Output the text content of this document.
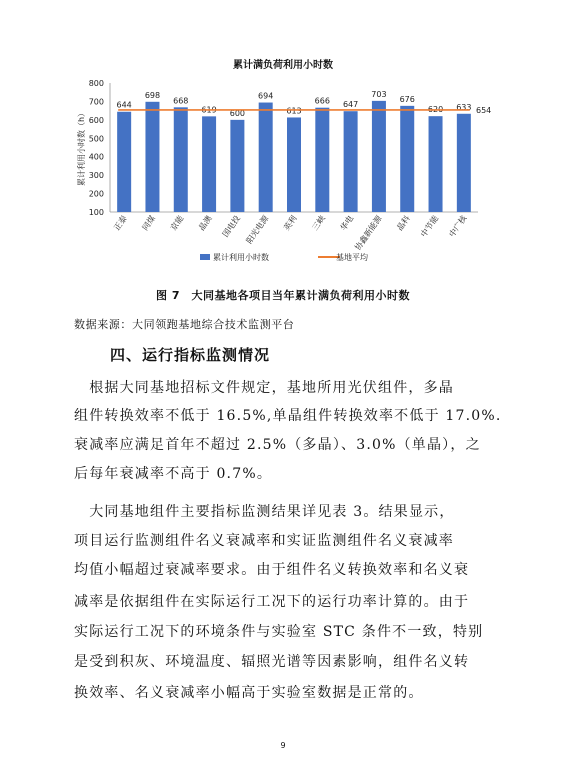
累计满负荷利用小时数
100
200
300
400
500
600
700
800
累计利用小时数（h）
644
正泰
698
同煤
668
京能
619
晶澳
600
国电投
694
阳光电源
613
英利
666
三峡
647
华电
703
协鑫新能源
676
晶科
620
中节能
633
中广核
654
累计利用小时数	基地平均
图 7　大同基地各项目当年累计满负荷利用小时数
数据来源：大同领跑基地综合技术监测平台
四、运行指标监测情况
　根据大同基地招标文件规定，基地所用光伏组件，多晶
组件转换效率不低于 16.5%,单晶组件转换效率不低于 17.0%.
衰减率应满足首年不超过 2.5%（多晶）、3.0%（单晶），之
后每年衰减率不高于 0.7%。
　大同基地组件主要指标监测结果详见表 3。结果显示，
项目运行监测组件名义衰减率和实证监测组件名义衰减率
均值小幅超过衰减率要求。由于组件名义转换效率和名义衰
减率是依据组件在实际运行工况下的运行功率计算的。由于
实际运行工况下的环境条件与实验室 STC 条件不一致，特别
是受到积灰、环境温度、辐照光谱等因素影响，组件名义转
换效率、名义衰减率小幅高于实验室数据是正常的。
9
